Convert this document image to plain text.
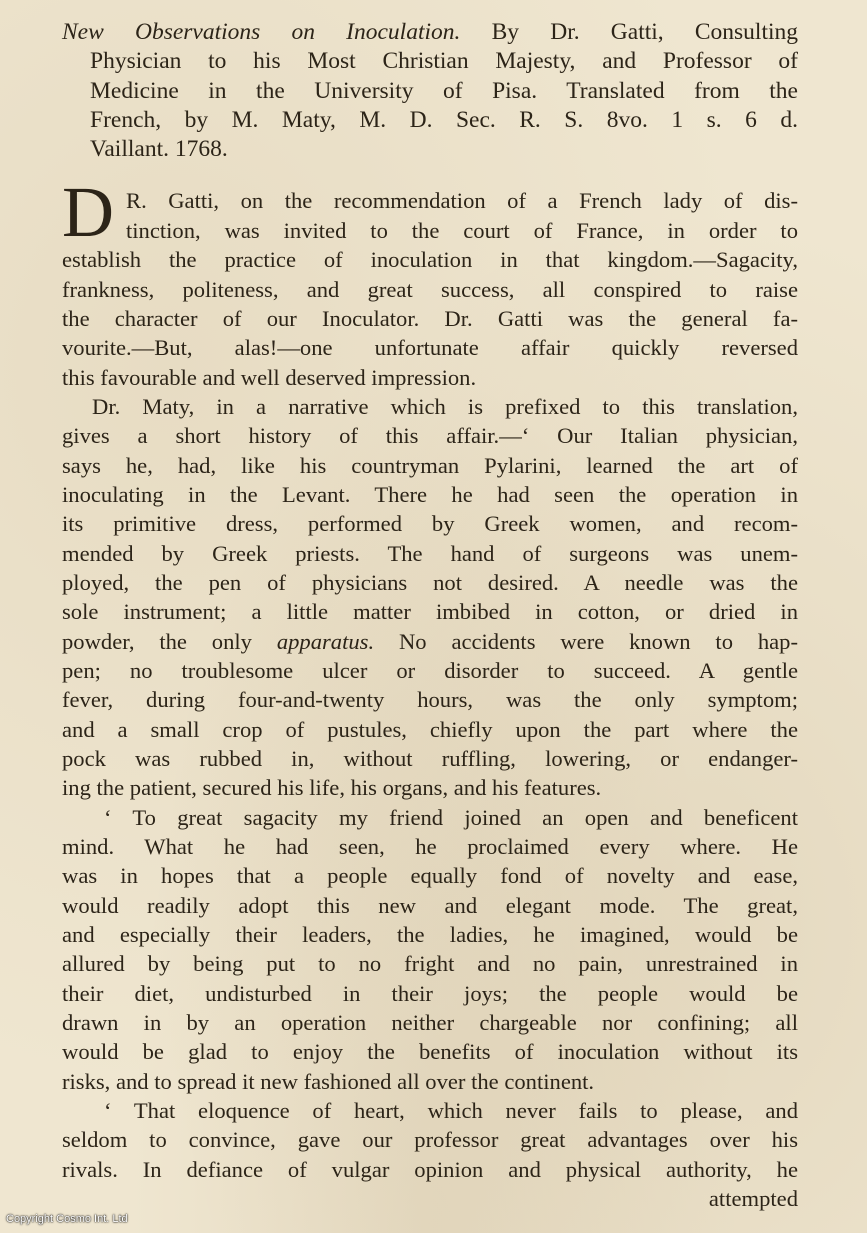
New Observations on Inoculation. By Dr. Gatti, Consulting

Physician to his Most Christian Majesty, and Professor of

Medicine in the University of Pisa. Translated from the

French, by M. Maty, M. D. Sec. R. S. 8vo. 1 s. 6 d.

Vaillant. 1768.

D R. Gatti, on the recommendation of a French lady of dis-
tinction, was invited to the court of France, in order to
establish the practice of inoculation in that kingdom.—Sagacity,
frankness, politeness, and great success, all conspired to raise
the character of our Inoculator. Dr. Gatti was the general fa-
vourite.—But, alas!—one unfortunate affair quickly reversed
this favourable and well deserved impression.
Dr. Maty, in a narrative which is prefixed to this translation,
gives a short history of this affair.—‘ Our Italian physician,
says he, had, like his countryman Pylarini, learned the art of
inoculating in the Levant. There he had seen the operation in
its primitive dress, performed by Greek women, and recom-
mended by Greek priests. The hand of surgeons was unem-
ployed, the pen of physicians not desired. A needle was the
sole instrument; a little matter imbibed in cotton, or dried in
powder, the only apparatus. No accidents were known to hap-
pen; no troublesome ulcer or disorder to succeed. A gentle
fever, during four-and-twenty hours, was the only symptom;
and a small crop of pustules, chiefly upon the part where the
pock was rubbed in, without ruffling, lowering, or endanger-
ing the patient, secured his life, his organs, and his features.
‘ To great sagacity my friend joined an open and beneficent
mind. What he had seen, he proclaimed every where. He
was in hopes that a people equally fond of novelty and ease,
would readily adopt this new and elegant mode. The great,
and especially their leaders, the ladies, he imagined, would be
allured by being put to no fright and no pain, unrestrained in
their diet, undisturbed in their joys; the people would be
drawn in by an operation neither chargeable nor confining; all
would be glad to enjoy the benefits of inoculation without its
risks, and to spread it new fashioned all over the continent.
‘ That eloquence of heart, which never fails to please, and
seldom to convince, gave our professor great advantages over his
rivals. In defiance of vulgar opinion and physical authority, he
attempted
Copyright Cosmo Int. Ltd
